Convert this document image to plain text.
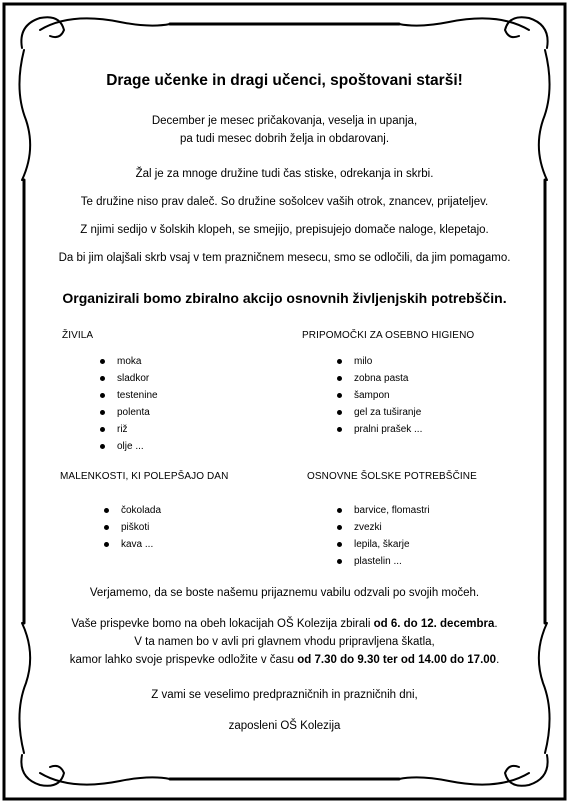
Drage učenke in dragi učenci, spoštovani starši!
December je mesec pričakovanja, veselja in upanja,
pa tudi mesec dobrih želja in obdarovanj.
Žal je za mnoge družine tudi čas stiske, odrekanja in skrbi.
Te družine niso prav daleč. So družine sošolcev vaših otrok, znancev, prijateljev.
Z njimi sedijo v šolskih klopeh, se smejijo, prepisujejo domače naloge, klepetajo.
Da bi jim olajšali skrb vsaj v tem prazničnem mesecu, smo se odločili, da jim pomagamo.
Organizirali bomo zbiralno akcijo osnovnih življenjskih potrebščin.
ŽIVILA
moka
sladkor
testenine
polenta
riž
olje ...
PRIPOMOČKI ZA OSEBNO HIGIENO
milo
zobna pasta
šampon
gel za tuširanje
pralni prašek ...
MALENKOSTI, KI POLEPŠAJO DAN
čokolada
piškoti
kava ...
OSNOVNE ŠOLSKE POTREBŠČINE
barvice, flomastri
zvezki
lepila, škarje
plastelin ...
Verjamemo, da se boste našemu prijaznemu vabilu odzvali po svojih močeh.
Vaše prispevke bomo na obeh lokacijah OŠ Kolezija zbirali od 6. do 12. decembra.
V ta namen bo v avli pri glavnem vhodu pripravljena škatla,
kamor lahko svoje prispevke odložite v času od 7.30 do 9.30 ter od 14.00 do 17.00.
Z vami se veselimo predprazničnih in prazničnih dni,
zaposleni OŠ Kolezija
